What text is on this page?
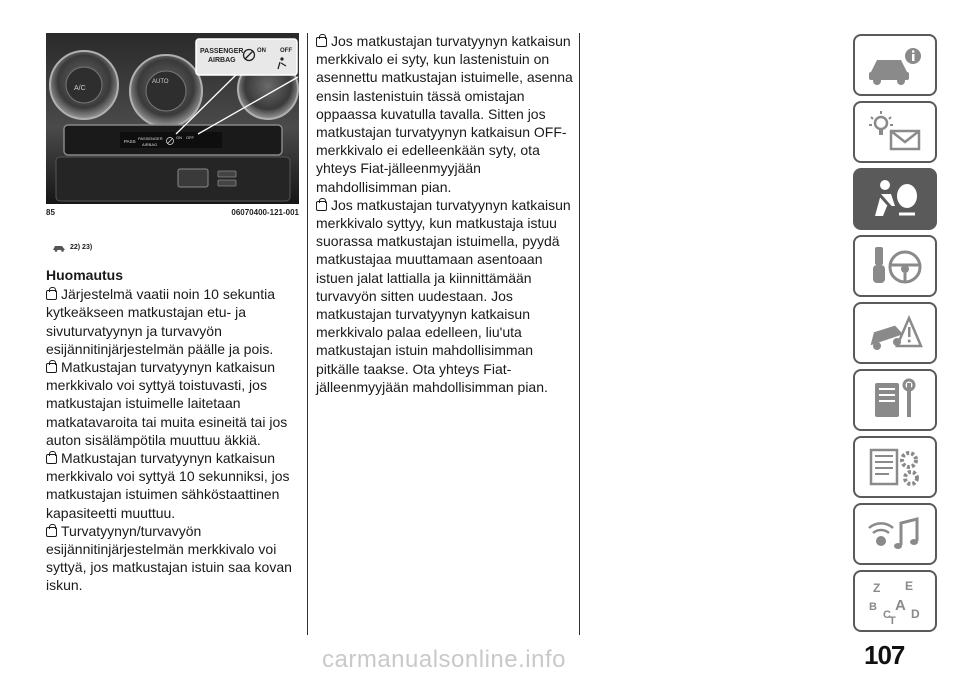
A/C
AUTO
PASS
PASSENGER
AIRBAG
ON OFF
PASSENGER
AIRBAG
ON OFF
85	06070400-121-001
22) 23)
Huomautus

Järjestelmä vaatii noin 10 sekuntia kytkeäkseen matkustajan etu- ja sivuturvatyynyn ja turvavyön esijännitinjärjestelmän päälle ja pois.

Matkustajan turvatyynyn katkaisun merkkivalo voi syttyä toistuvasti, jos matkustajan istuimelle laitetaan matkatavaroita tai muita esineitä tai jos auton sisälämpötila muuttuu äkkiä.

Matkustajan turvatyynyn katkaisun merkkivalo voi syttyä 10 sekunniksi, jos matkustajan istuimen sähköstaattinen kapasiteetti muuttuu.

Turvatyynyn/turvavyön esijännitinjärjestelmän merkkivalo voi syttyä, jos matkustajan istuin saa kovan iskun.

Jos matkustajan turvatyynyn katkaisun merkkivalo ei syty, kun lastenistuin on asennettu matkustajan istuimelle, asenna ensin lastenistuin tässä omistajan oppaassa kuvatulla tavalla. Sitten jos matkustajan turvatyynyn katkaisun OFF-merkkivalo ei edelleenkään syty, ota yhteys Fiat-jälleenmyyjään mahdollisimman pian.

Jos matkustajan turvatyynyn katkaisun merkkivalo syttyy, kun matkustaja istuu suorassa matkustajan istuimella, pyydä matkustajaa muuttamaan asentoaan istuen jalat lattialla ja kiinnittämään turvavyön sitten uudestaan. Jos matkustajan turvatyynyn katkaisun merkkivalo palaa edelleen, liu'uta matkustajan istuin mahdollisimman pitkälle taakse. Ota yhteys Fiat-jälleenmyyjään mahdollisimman pian.

Z E
B A
C
T D
107
carmanualsonline.info
